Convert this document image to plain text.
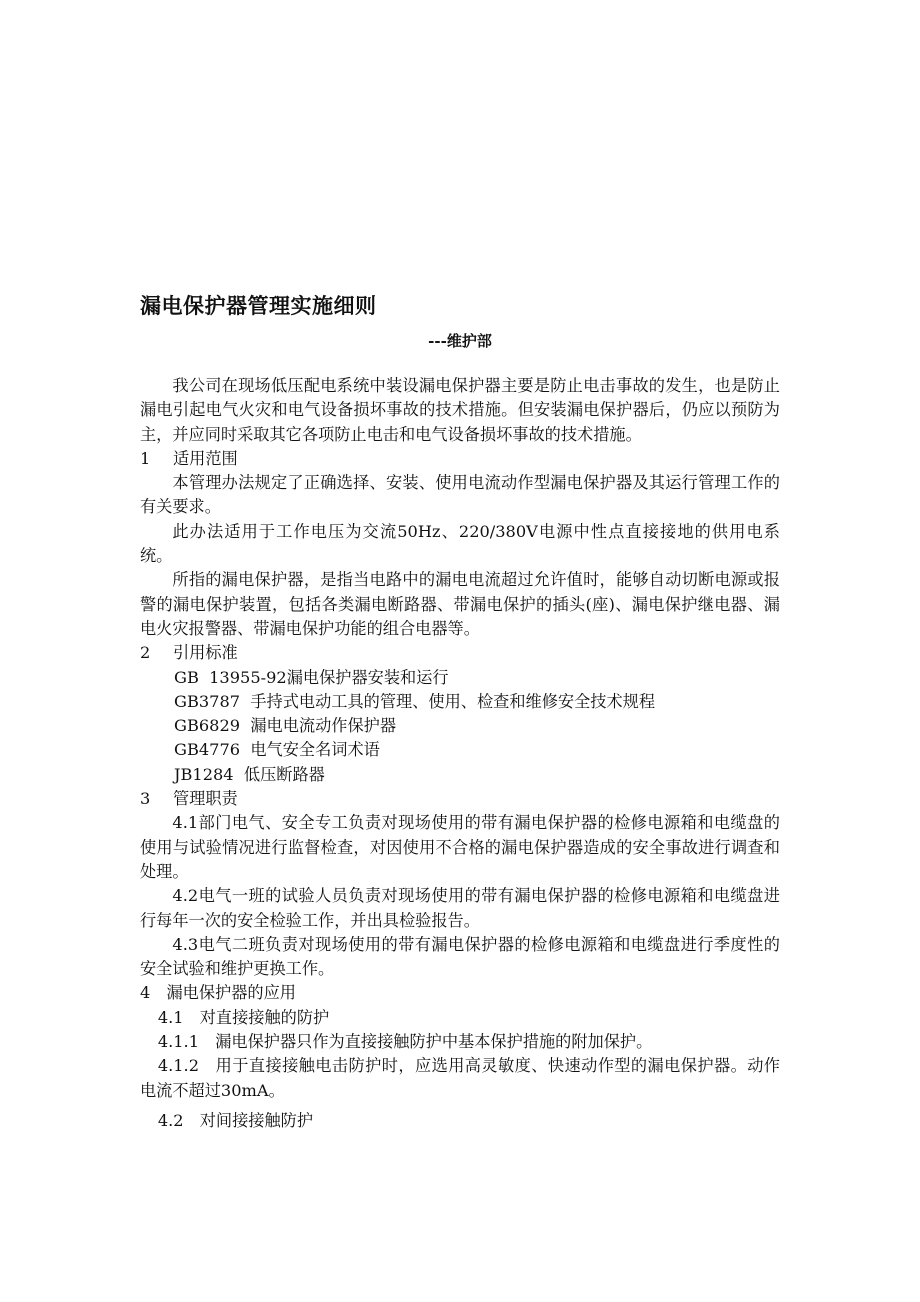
漏电保护器管理实施细则
---维护部

我公司在现场低压配电系统中装设漏电保护器主要是防止电击事故的发生，也是防止漏电引起电气火灾和电气设备损坏事故的技术措施。但安装漏电保护器后，仍应以预防为主，并应同时采取其它各项防止电击和电气设备损坏事故的技术措施。

1 适用范围

本管理办法规定了正确选择、安装、使用电流动作型漏电保护器及其运行管理工作的有关要求。

此办法适用于工作电压为交流50Hz、220/380V电源中性点直接接地的供用电系统。

所指的漏电保护器，是指当电路中的漏电电流超过允许值时，能够自动切断电源或报警的漏电保护装置，包括各类漏电断路器、带漏电保护的插头(座)、漏电保护继电器、漏电火灾报警器、带漏电保护功能的组合电器等。

2 引用标准

GB  13955-92漏电保护器安装和运行

GB3787  手持式电动工具的管理、使用、检查和维修安全技术规程

GB6829  漏电电流动作保护器

GB4776  电气安全名词术语

JB1284  低压断路器

3 管理职责

4.1部门电气、安全专工负责对现场使用的带有漏电保护器的检修电源箱和电缆盘的使用与试验情况进行监督检查，对因使用不合格的漏电保护器造成的安全事故进行调查和处理。

4.2电气一班的试验人员负责对现场使用的带有漏电保护器的检修电源箱和电缆盘进行每年一次的安全检验工作，并出具检验报告。

4.3电气二班负责对现场使用的带有漏电保护器的检修电源箱和电缆盘进行季度性的安全试验和维护更换工作。

4 漏电保护器的应用

4.1 对直接接触的防护

4.1.1 漏电保护器只作为直接接触防护中基本保护措施的附加保护。

4.1.2 用于直接接触电击防护时，应选用高灵敏度、快速动作型的漏电保护器。动作电流不超过30mA。

4.2 对间接接触防护
